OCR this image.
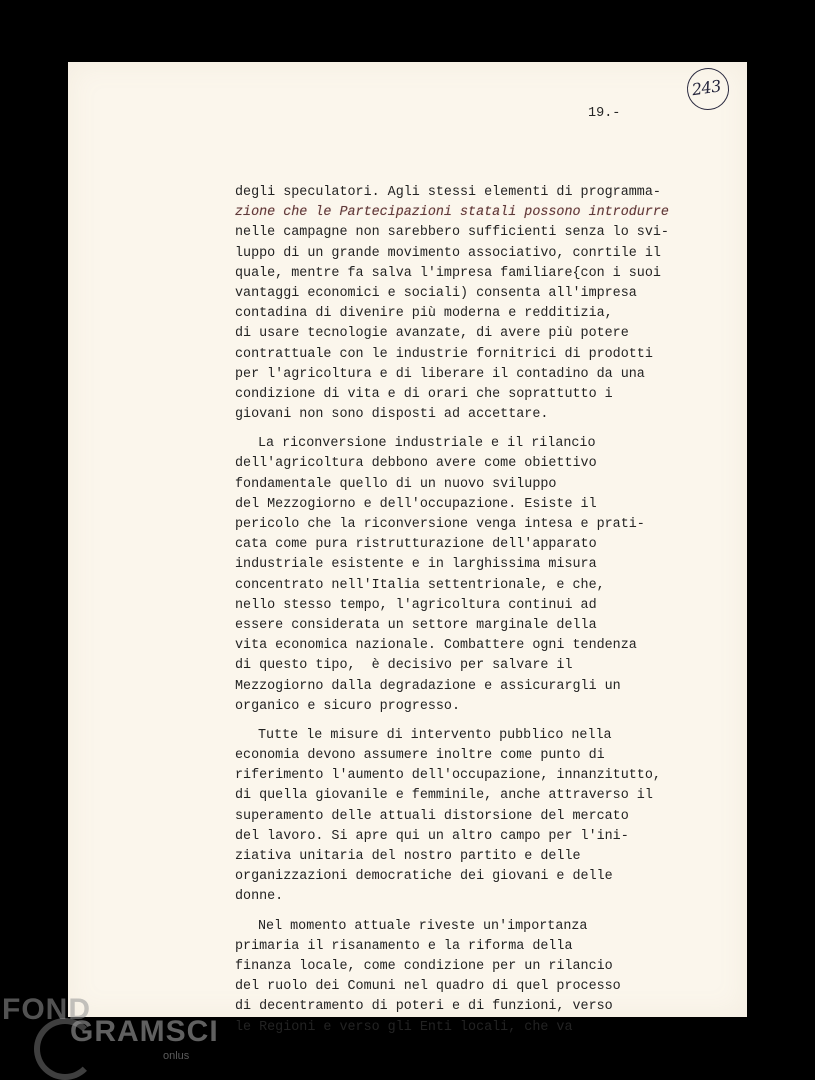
243
19.-
degli speculatori. Agli stessi elementi di programma-
zione che le Partecipazioni statali possono introdurre
nelle campagne non sarebbero sufficienti senza lo svi-
luppo di un grande movimento associativo, conrtile il
quale, mentre fa salva l'impresa familiare{con i suoi
vantaggi economici e sociali) consenta all'impresa
contadina di divenire più moderna e redditizia,
di usare tecnologie avanzate, di avere più potere
contrattuale con le industrie fornitrici di prodotti
per l'agricoltura e di liberare il contadino da una
condizione di vita e di orari che soprattutto i
giovani non sono disposti ad accettare.
La riconversione industriale e il rilancio
dell'agricoltura debbono avere come obiettivo
fondamentale quello di un nuovo sviluppo
del Mezzogiorno e dell'occupazione. Esiste il
pericolo che la riconversione venga intesa e prati-
cata come pura ristrutturazione dell'apparato
industriale esistente e in larghissima misura
concentrato nell'Italia settentrionale, e che,
nello stesso tempo, l'agricoltura continui ad
essere considerata un settore marginale della
vita economica nazionale. Combattere ogni tendenza
di questo tipo,  è decisivo per salvare il
Mezzogiorno dalla degradazione e assicurargli un
organico e sicuro progresso.
Tutte le misure di intervento pubblico nella
economia devono assumere inoltre come punto di
riferimento l'aumento dell'occupazione, innanzitutto,
di quella giovanile e femminile, anche attraverso il
superamento delle attuali distorsione del mercato
del lavoro. Si apre qui un altro campo per l'ini-
ziativa unitaria del nostro partito e delle
organizzazioni democratiche dei giovani e delle
donne.
Nel momento attuale riveste un'importanza
primaria il risanamento e la riforma della
finanza locale, come condizione per un rilancio
del ruolo dei Comuni nel quadro di quel processo
di decentramento di poteri e di funzioni, verso
le Regioni e verso gli Enti locali, che va
FOND
GRAMSCI
onlus
